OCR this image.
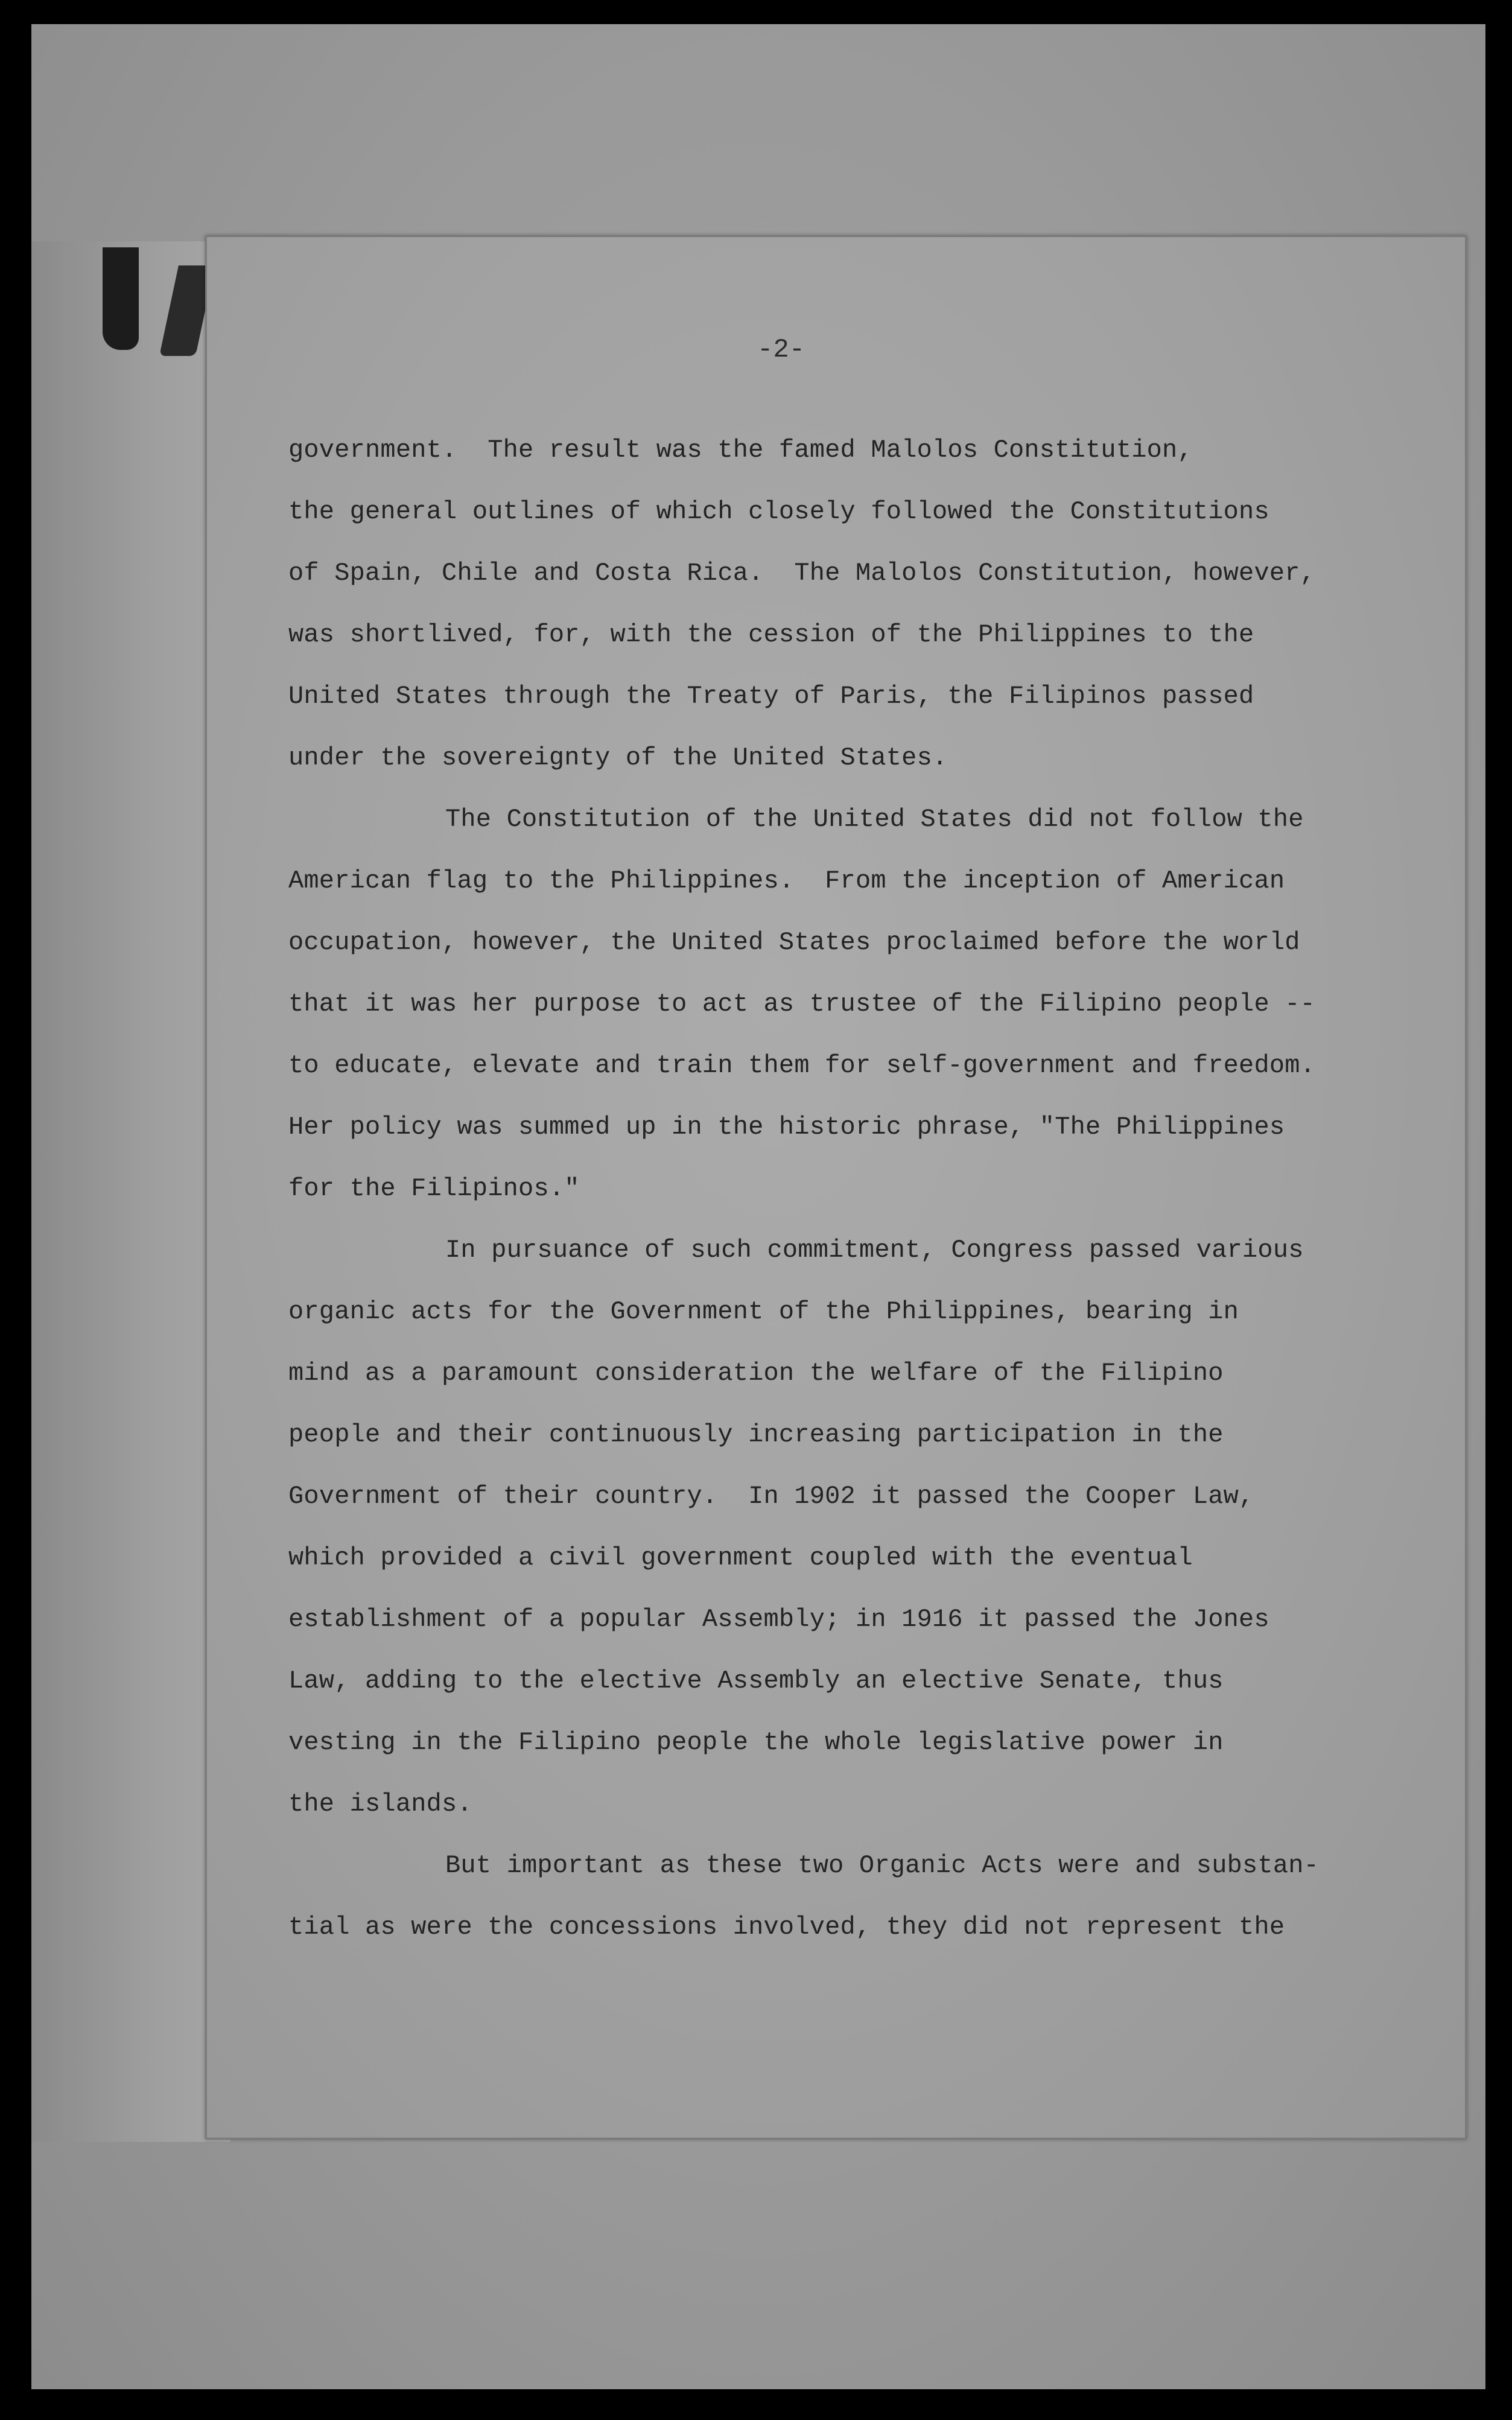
-2-
government.  The result was the famed Malolos Constitution,
the general outlines of which closely followed the Constitutions
of Spain, Chile and Costa Rica.  The Malolos Constitution, however,
was shortlived, for, with the cession of the Philippines to the
United States through the Treaty of Paris, the Filipinos passed
under the sovereignty of the United States.
The Constitution of the United States did not follow the
American flag to the Philippines.  From the inception of American
occupation, however, the United States proclaimed before the world
that it was her purpose to act as trustee of the Filipino people --
to educate, elevate and train them for self-government and freedom.
Her policy was summed up in the historic phrase, "The Philippines
for the Filipinos."
In pursuance of such commitment, Congress passed various
organic acts for the Government of the Philippines, bearing in
mind as a paramount consideration the welfare of the Filipino
people and their continuously increasing participation in the
Government of their country.  In 1902 it passed the Cooper Law,
which provided a civil government coupled with the eventual
establishment of a popular Assembly; in 1916 it passed the Jones
Law, adding to the elective Assembly an elective Senate, thus
vesting in the Filipino people the whole legislative power in
the islands.
But important as these two Organic Acts were and substan-
tial as were the concessions involved, they did not represent the
